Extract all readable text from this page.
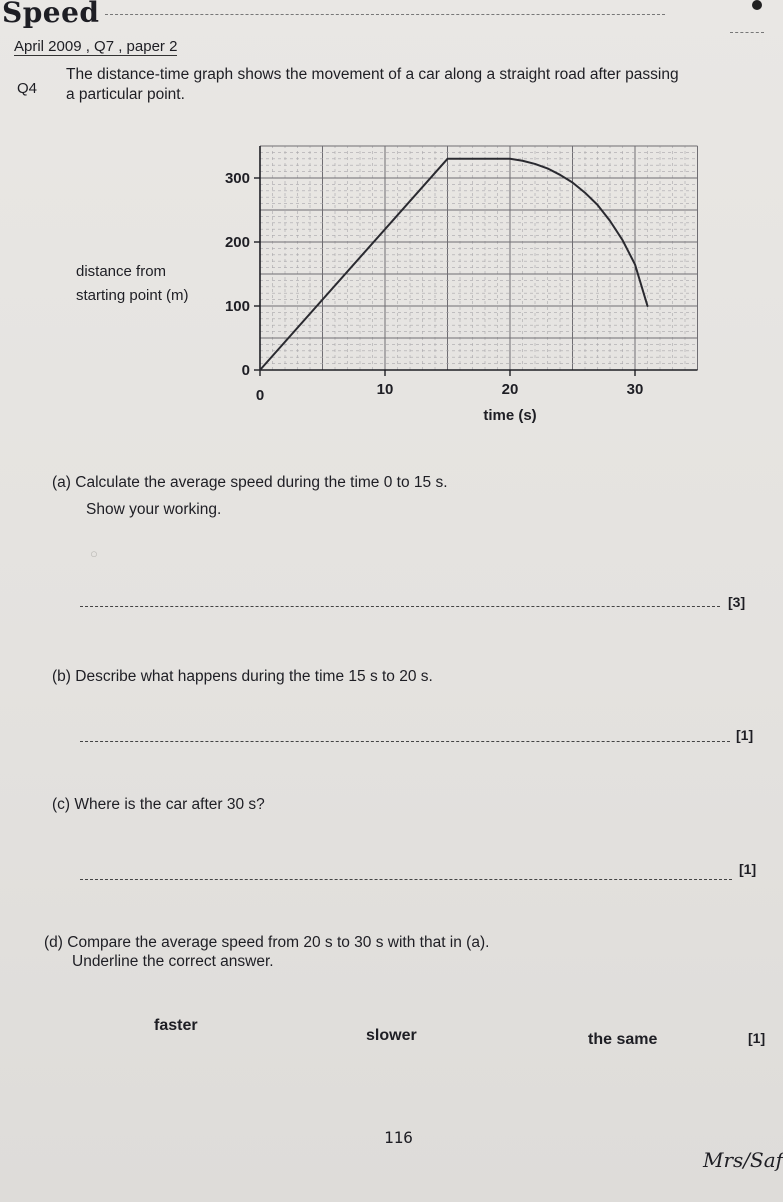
Speed
April 2009 , Q7 , paper 2
Q4
The distance-time graph shows the movement of a car along a straight road after passing
a particular point.
distance from
starting point (m)
0	10	20	30
0
100
200
300
time (s)
(a) Calculate the average speed during the time 0 to 15 s.
Show your working.
○
[3]
(b) Describe what happens during the time 15 s to 20 s.
[1]
(c) Where is the car after 30 s?
[1]
(d) Compare the average speed from 20 s to 30 s with that in (a).
Underline the correct answer.
faster
slower	the same	[1]
116
Mrs/Saf
